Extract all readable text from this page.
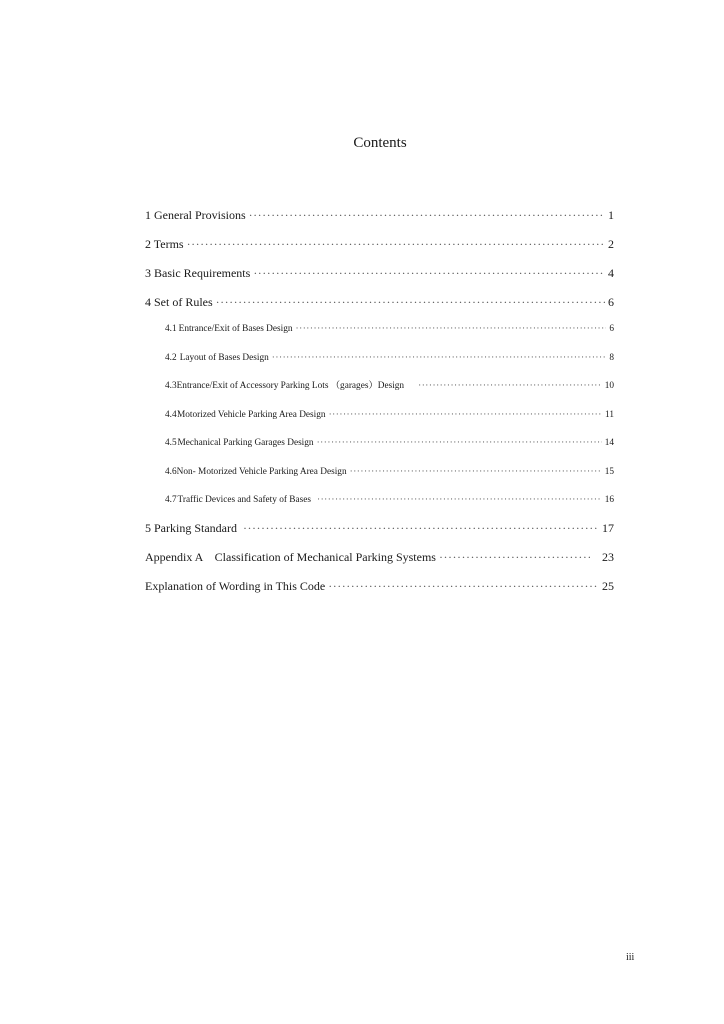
Contents
1 General Provisions ·····	1
2 Terms ·····	2
3 Basic Requirements ·····	4
4 Set of Rules ·····	6
4.1 Entrance/Exit of Bases Design ·····	6
4.2 Layout of Bases Design ·····	8
4.3 Entrance/Exit of Accessory Parking Lots （garages）Design ·····	10
4.4 Motorized Vehicle Parking Area Design ·····	11
4.5 Mechanical Parking Garages Design ·····	14
4.6 Non- Motorized Vehicle Parking Area Design ·····	15
4.7 Traffic Devices and Safety of Bases ·····	16
5 Parking Standard ·····	17
Appendix A    Classification of Mechanical Parking Systems ·····	23
Explanation of Wording in This Code ·····	25
iii
